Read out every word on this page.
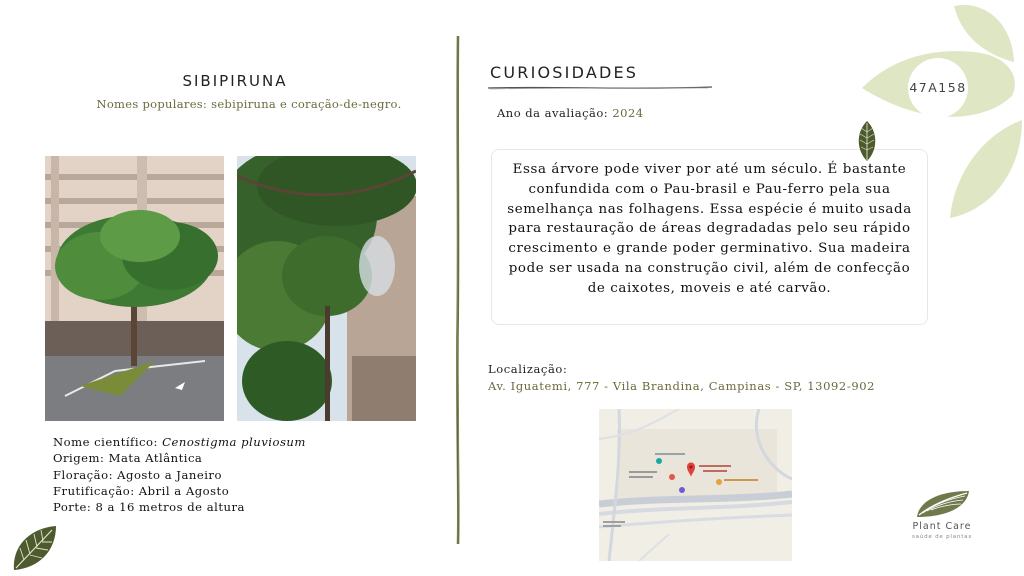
SIBIPIRUNA
Nomes populares: sebipiruna e coração-de-negro.
Nome científico: Cenostigma pluviosum
Origem: Mata Atlântica
Floração: Agosto a Janeiro
Frutificação: Abril a Agosto
Porte: 8 a 16 metros de altura
CURIOSIDADES
Ano da avaliação: 2024

Essa árvore pode viver por até um século. É bastante confundida com o Pau-brasil e Pau-ferro pela sua semelhança nas folhagens. Essa espécie é muito usada para restauração de áreas degradadas pelo seu rápido crescimento e grande poder germinativo. Sua madeira pode ser usada na construção civil, além de confecção de caixotes, moveis e até carvão.

Localização:
Av. Iguatemi, 777 - Vila Brandina, Campinas - SP, 13092-902
47A158
Plant Care
saúde de plantas
